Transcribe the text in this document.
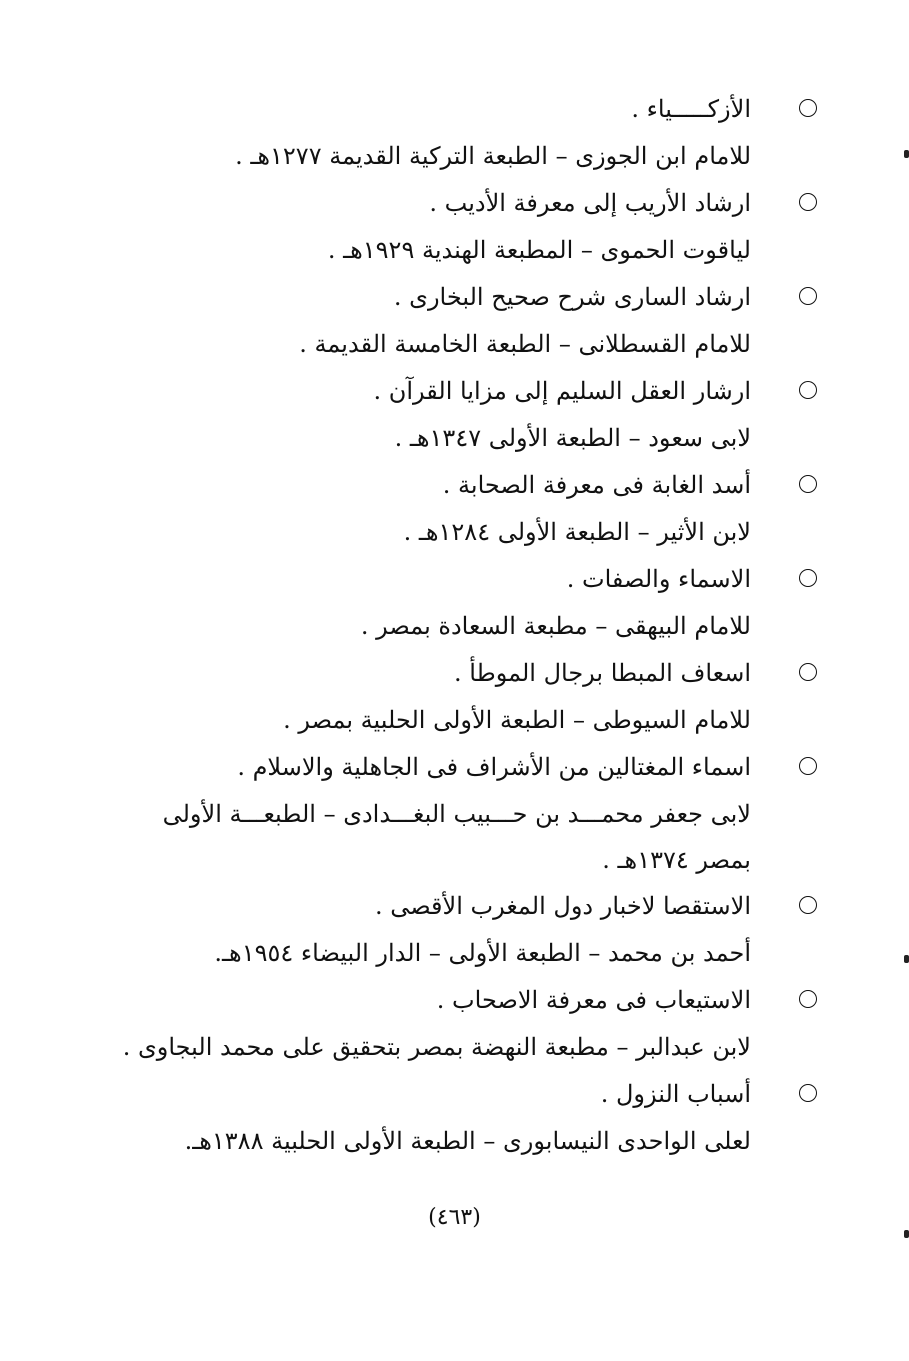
الأزكـــــياء .
للامام ابن الجوزى – الطبعة التركية القديمة ١٢٧٧هـ .
ارشاد الأريب إلى معرفة الأديب .
لياقوت الحموى – المطبعة الهندية ١٩٢٩هـ .
ارشاد السارى شرح صحيح البخارى .
للامام القسطلانى – الطبعة الخامسة القديمة .
ارشار العقل السليم إلى مزايا القرآن .
لابى سعود – الطبعة الأولى ١٣٤٧هـ .
أسد الغابة فى معرفة الصحابة .
لابن الأثير – الطبعة الأولى ١٢٨٤هـ .
الاسماء والصفات .
للامام البيهقى – مطبعة السعادة بمصر .
اسعاف المبطا برجال الموطأ .
للامام السيوطى – الطبعة الأولى الحلبية بمصر .
اسماء المغتالين من الأشراف فى الجاهلية والاسلام .
لابى جعفر محمـــد بن حـــبيب البغـــدادى – الطبعـــة الأولى بمصر ١٣٧٤هـ .
الاستقصا لاخبار دول المغرب الأقصى .
أحمد بن محمد – الطبعة الأولى – الدار البيضاء ١٩٥٤هـ.
الاستيعاب فى معرفة الاصحاب .
لابن عبدالبر – مطبعة النهضة بمصر بتحقيق على محمد البجاوى .
أسباب النزول .
لعلى الواحدى النيسابورى – الطبعة الأولى الحلبية ١٣٨٨هـ.
(٤٦٣)
